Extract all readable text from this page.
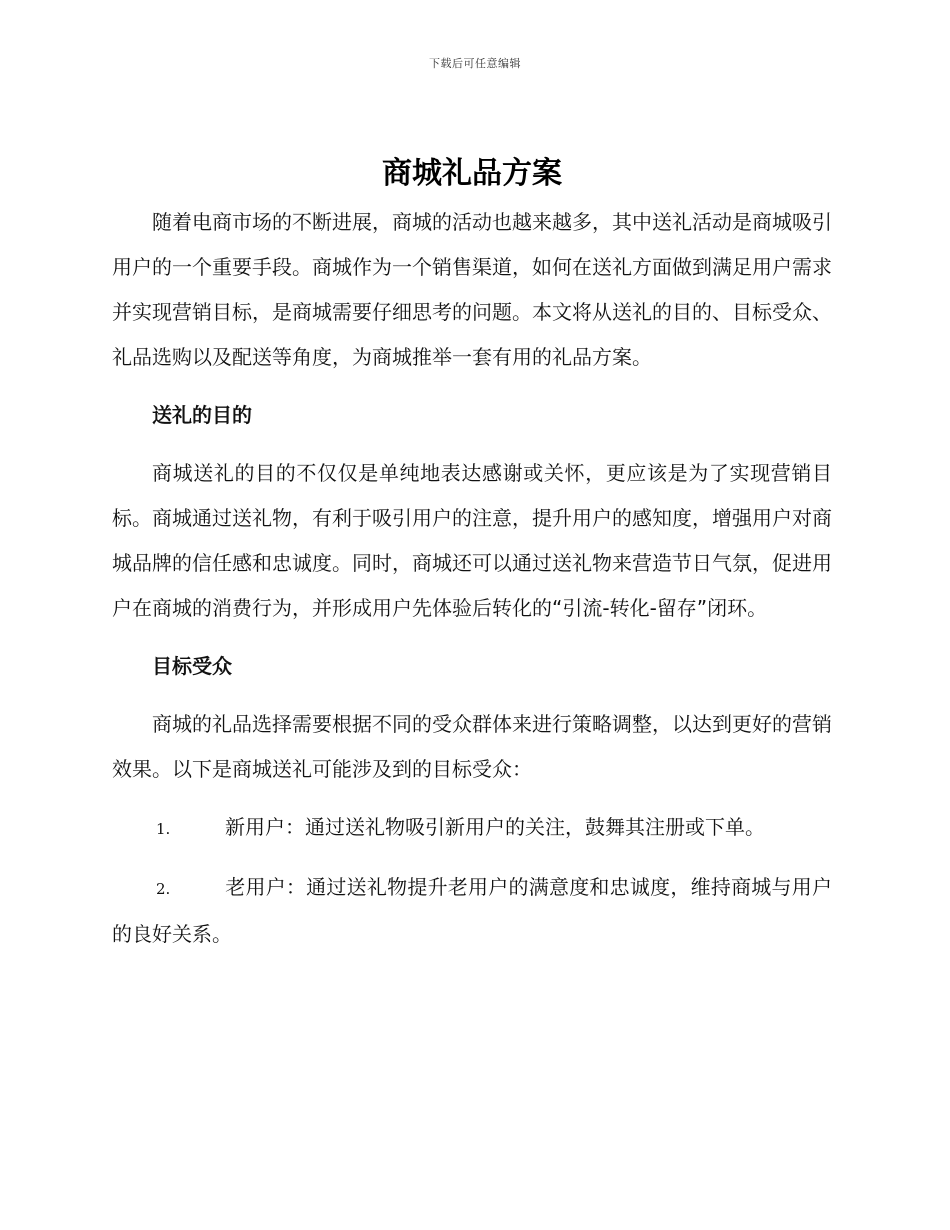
下载后可任意编辑
商城礼品方案

随着电商市场的不断进展，商城的活动也越来越多，其中送礼活动是商城吸引用户的一个重要手段。商城作为一个销售渠道，如何在送礼方面做到满足用户需求并实现营销目标，是商城需要仔细思考的问题。本文将从送礼的目的、目标受众、礼品选购以及配送等角度，为商城推举一套有用的礼品方案。

送礼的目的

商城送礼的目的不仅仅是单纯地表达感谢或关怀，更应该是为了实现营销目标。商城通过送礼物，有利于吸引用户的注意，提升用户的感知度，增强用户对商城品牌的信任感和忠诚度。同时，商城还可以通过送礼物来营造节日气氛，促进用户在商城的消费行为，并形成用户先体验后转化的“引流-转化-留存”闭环。

目标受众

商城的礼品选择需要根据不同的受众群体来进行策略调整，以达到更好的营销效果。以下是商城送礼可能涉及到的目标受众：

1.	新用户：通过送礼物吸引新用户的关注，鼓舞其注册或下单。

2.	老用户：通过送礼物提升老用户的满意度和忠诚度，维持商城与用户的良好关系。
